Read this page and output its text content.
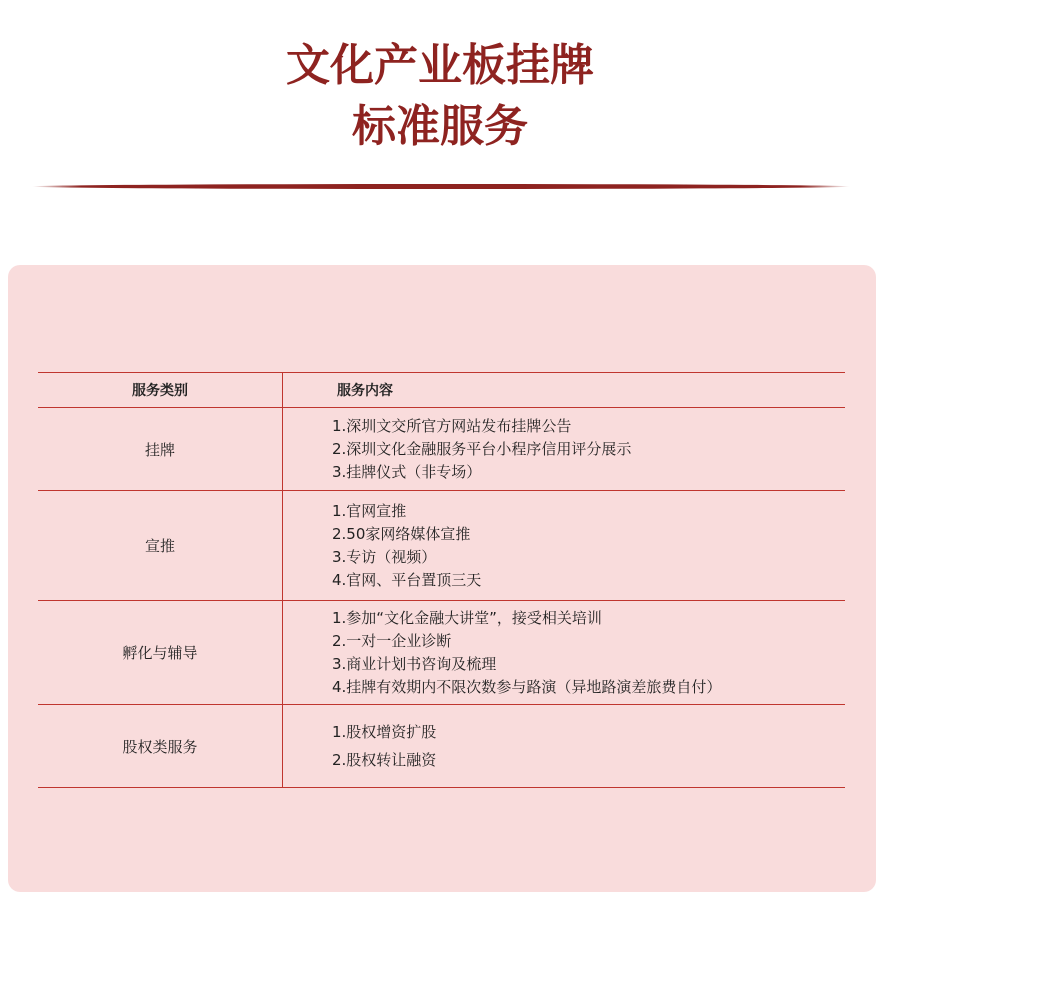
文化产业板挂牌
标准服务
服务类别	服务内容
挂牌	1.深圳文交所官方网站发布挂牌公告
2.深圳文化金融服务平台小程序信用评分展示
3.挂牌仪式（非专场）

宣推	1.官网宣推
2.50家网络媒体宣推
3.专访（视频）
4.官网、平台置顶三天

孵化与辅导	1.参加“文化金融大讲堂”，接受相关培训
2.一对一企业诊断
3.商业计划书咨询及梳理
4.挂牌有效期内不限次数参与路演（异地路演差旅费自付）

股权类服务	1.股权增资扩股
2.股权转让融资
